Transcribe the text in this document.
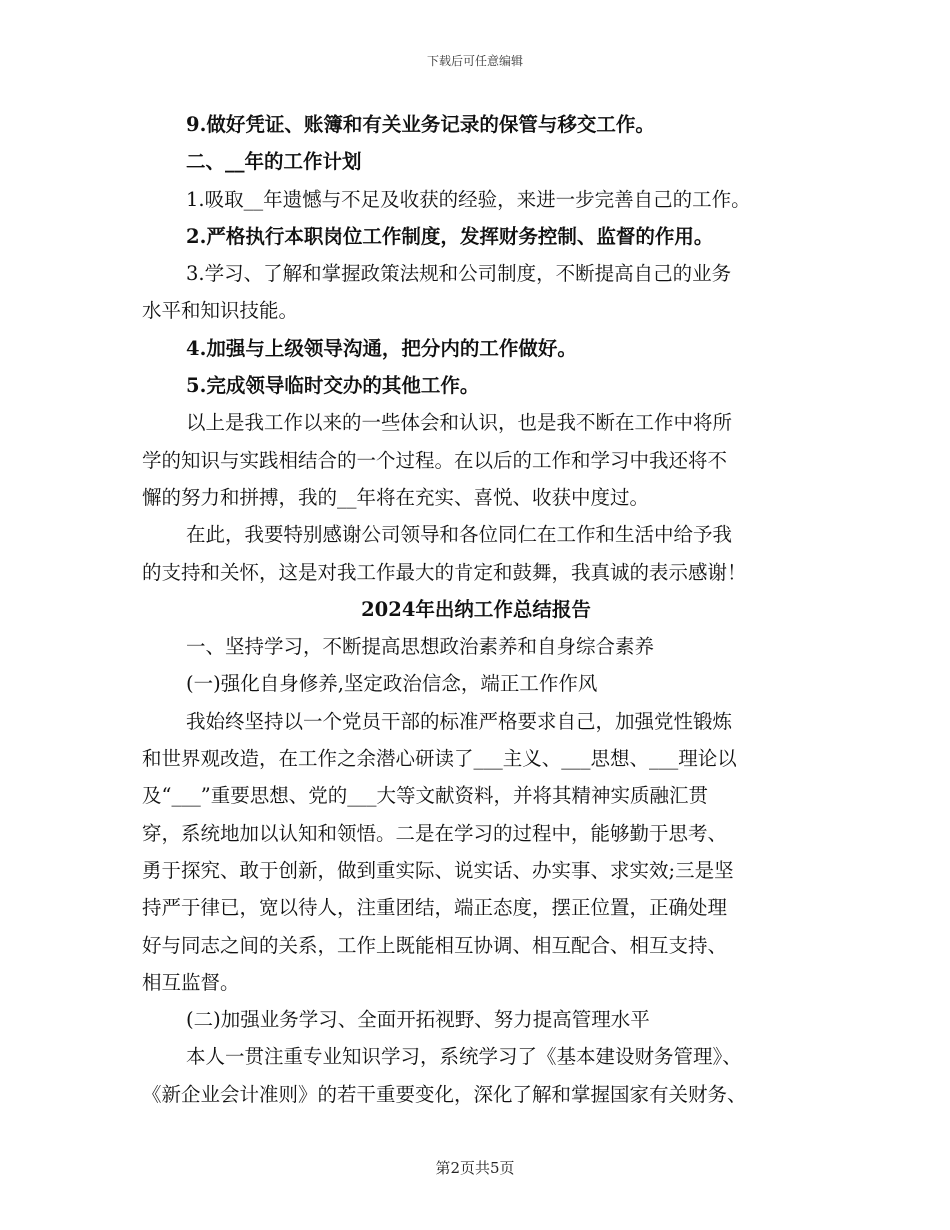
下载后可任意编辑

9.做好凭证、账簿和有关业务记录的保管与移交工作。

二、__年的工作计划

1.吸取__年遗憾与不足及收获的经验，来进一步完善自己的工作。

2.严格执行本职岗位工作制度，发挥财务控制、监督的作用。

3.学习、了解和掌握政策法规和公司制度，不断提高自己的业务

水平和知识技能。

4.加强与上级领导沟通，把分内的工作做好。

5.完成领导临时交办的其他工作。

以上是我工作以来的一些体会和认识，也是我不断在工作中将所

学的知识与实践相结合的一个过程。在以后的工作和学习中我还将不

懈的努力和拼搏，我的__年将在充实、喜悦、收获中度过。

在此，我要特别感谢公司领导和各位同仁在工作和生活中给予我

的支持和关怀，这是对我工作最大的肯定和鼓舞，我真诚的表示感谢！

2024年出纳工作总结报告

一、坚持学习，不断提高思想政治素养和自身综合素养

(一)强化自身修养,坚定政治信念，端正工作作风

我始终坚持以一个党员干部的标准严格要求自己，加强党性锻炼

和世界观改造，在工作之余潜心研读了___主义、___思想、___理论以

及“___”重要思想、党的___大等文献资料，并将其精神实质融汇贯

穿，系统地加以认知和领悟。二是在学习的过程中，能够勤于思考、

勇于探究、敢于创新，做到重实际、说实话、办实事、求实效;三是坚

持严于律已，宽以待人，注重团结，端正态度，摆正位置，正确处理

好与同志之间的关系，工作上既能相互协调、相互配合、相互支持、

相互监督。

(二)加强业务学习、全面开拓视野、努力提高管理水平

本人一贯注重专业知识学习，系统学习了《基本建设财务管理》、

《新企业会计准则》的若干重要变化，深化了解和掌握国家有关财务、

第2页共5页
